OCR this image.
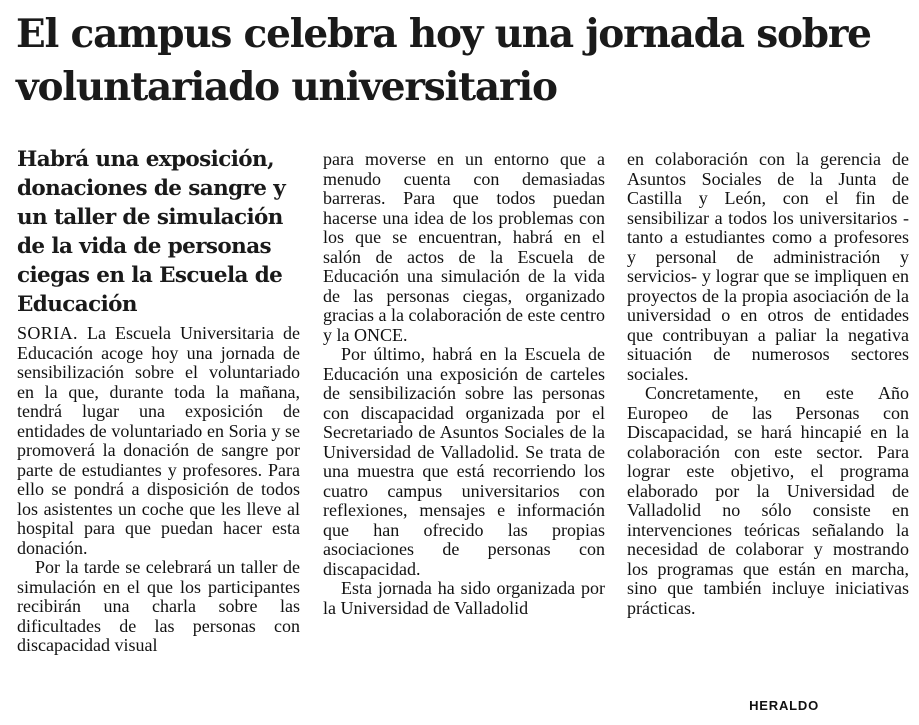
El campus celebra hoy una jornada sobre voluntariado universitario
Habrá una exposición, donaciones de sangre y un taller de simulación de la vida de personas ciegas en la Escuela de Educación

SORIA. La Escuela Universitaria de Educación acoge hoy una jornada de sensibilización sobre el voluntariado en la que, durante toda la mañana, tendrá lugar una exposición de entidades de voluntariado en Soria y se promoverá la donación de sangre por parte de estudiantes y profesores. Para ello se pondrá a disposición de todos los asistentes un coche que les lleve al hospital para que puedan hacer esta donación.

Por la tarde se celebrará un taller de simulación en el que los participantes recibirán una charla sobre las dificultades de las personas con discapacidad visual

para moverse en un entorno que a menudo cuenta con demasiadas barreras. Para que todos puedan hacerse una idea de los problemas con los que se encuentran, habrá en el salón de actos de la Escuela de Educación una simulación de la vida de las personas ciegas, organizado gracias a la colaboración de este centro y la ONCE.

Por último, habrá en la Escuela de Educación una exposición de carteles de sensibilización sobre las personas con discapacidad organizada por el Secretariado de Asuntos Sociales de la Universidad de Valladolid. Se trata de una muestra que está recorriendo los cuatro campus universitarios con reflexiones, mensajes e información que han ofrecido las propias asociaciones de personas con discapacidad.

Esta jornada ha sido organizada por la Universidad de Valladolid

en colaboración con la gerencia de Asuntos Sociales de la Junta de Castilla y León, con el fin de sensibilizar a todos los universitarios -tanto a estudiantes como a profesores y personal de administración y servicios- y lograr que se impliquen en proyectos de la propia asociación de la universidad o en otros de entidades que contribuyan a paliar la negativa situación de numerosos sectores sociales.

Concretamente, en este Año Europeo de las Personas con Discapacidad, se hará hincapié en la colaboración con este sector. Para lograr este objetivo, el programa elaborado por la Universidad de Valladolid no sólo consiste en intervenciones teóricas señalando la necesidad de colaborar y mostrando los programas que están en marcha, sino que también incluye iniciativas prácticas.

HERALDO
